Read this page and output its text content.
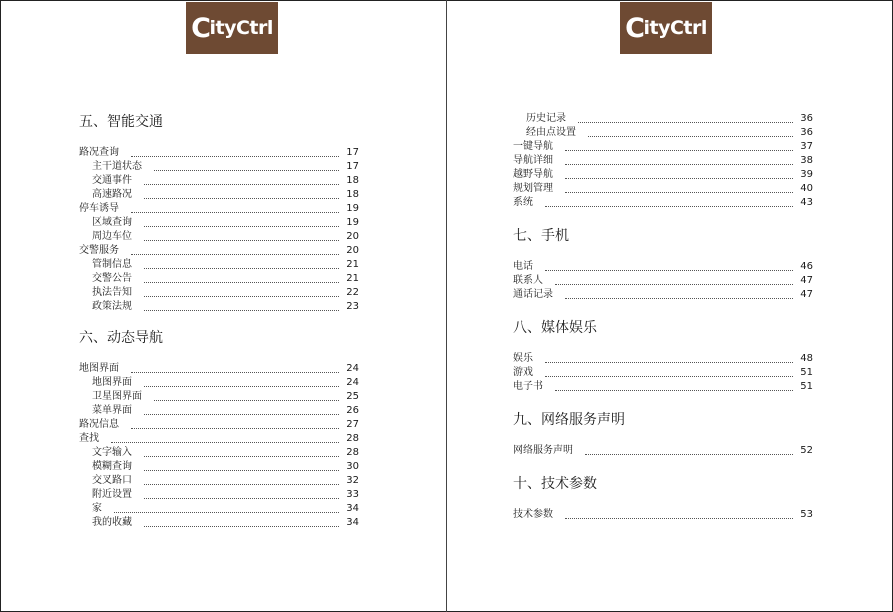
C ityCtrl	C ityCtrl
五、智能交通
路况查询	17
主干道状态	17
交通事件	18
高速路况	18
停车诱导	19
区域查询	19
周边车位	20
交警服务	20
管制信息	21
交警公告	21
执法告知	22
政策法规	23
六、动态导航
地图界面	24
地图界面	24
卫星图界面	25
菜单界面	26
路况信息	27
查找	28
文字输入	28
模糊查询	30
交叉路口	32
附近设置	33
家	34
我的收藏	34
历史记录	36
经由点设置	36
一键导航	37
导航详细	38
越野导航	39
规划管理	40
系统	43
七、手机
电话	46
联系人	47
通话记录	47
八、媒体娱乐
娱乐	48
游戏	51
电子书	51
九、网络服务声明
网络服务声明	52
十、技术参数
技术参数	53
